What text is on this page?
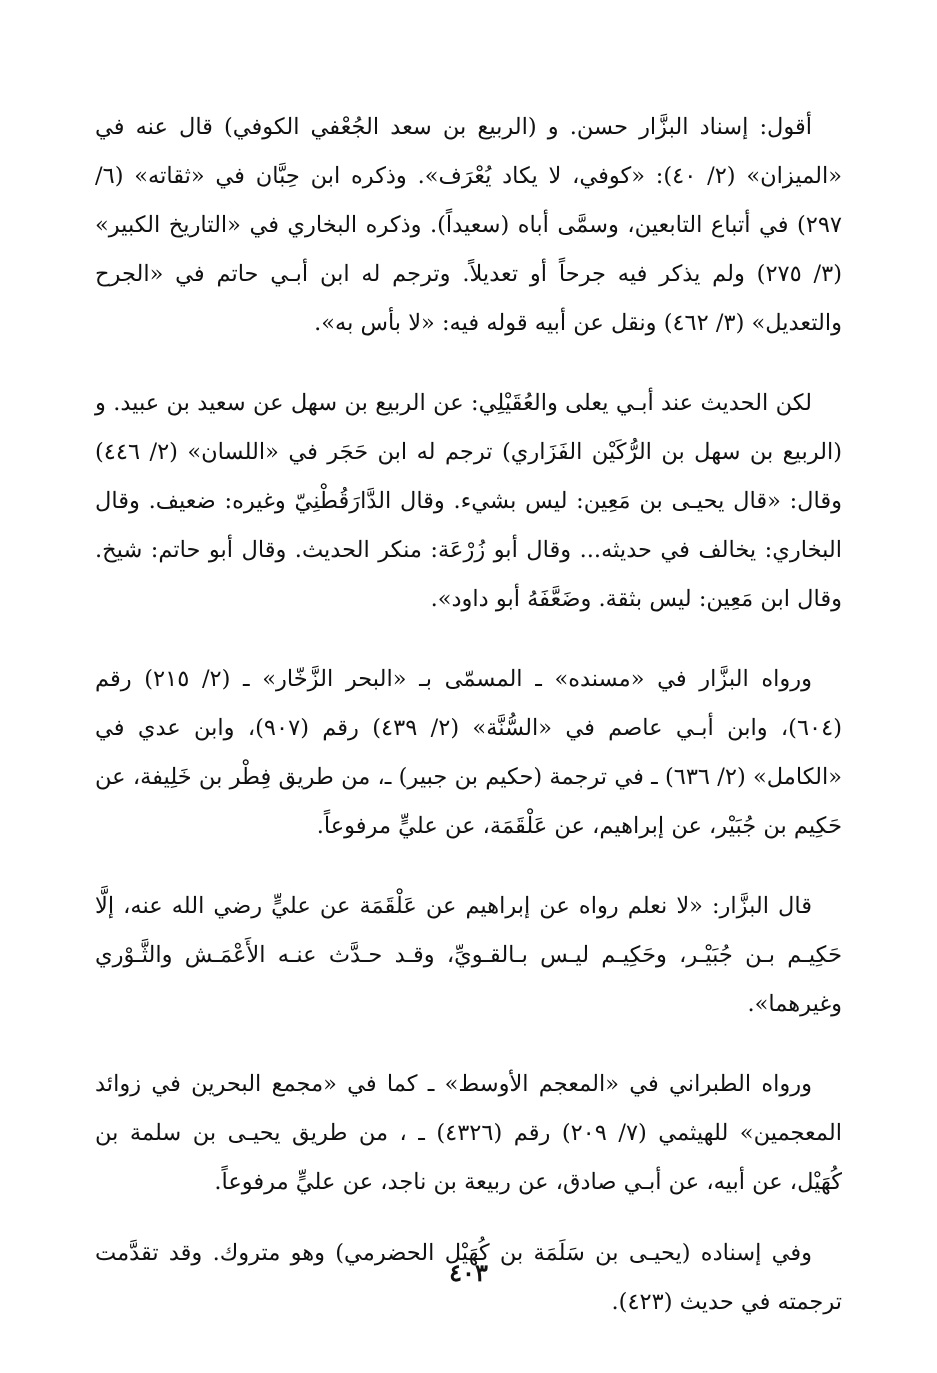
أقول: إسناد البزَّار حسن. و (الربيع بن سعد الجُعْفي الكوفي) قال عنه في «الميزان» (٢/ ٤٠): «كوفي، لا يكاد يُعْرَف». وذكره ابن حِبَّان في «ثقاته» (٦/ ٢٩٧) في أتباع التابعين، وسمَّى أباه (سعيداً). وذكره البخاري في «التاريخ الكبير» (٣/ ٢٧٥) ولم يذكر فيه جرحاً أو تعديلاً. وترجم له ابن أبـي حاتم في «الجرح والتعديل» (٣/ ٤٦٢) ونقل عن أبيه قوله فيه: «لا بأس به».

لكن الحديث عند أبـي يعلى والعُقَيْلِي: عن الربيع بن سهل عن سعيد بن عبيد. و (الربيع بن سهل بن الرُّكَيْن الفَزَاري) ترجم له ابن حَجَر في «اللسان» (٢/ ٤٤٦) وقال: «قال يحيـى بن مَعِين: ليس بشيء. وقال الدَّارَقُطْنِيّ وغيره: ضعيف. وقال البخاري: يخالف في حديثه... وقال أبو زُرْعَة: منكر الحديث. وقال أبو حاتم: شيخ. وقال ابن مَعِين: ليس بثقة. وضَعَّفَهُ أبو داود».

ورواه البزَّار في «مسنده» ـ المسمّى بـ «البحر الزَّخّار» ـ (٢/ ٢١٥) رقم (٦٠٤)، وابن أبـي عاصم في «السُّنَّة» (٢/ ٤٣٩) رقم (٩٠٧)، وابن عدي في «الكامل» (٢/ ٦٣٦) ـ في ترجمة (حكيم بن جبير) ـ، من طريق فِطْر بن خَلِيفة، عن حَكِيم بن جُبَيْر، عن إبراهيم، عن عَلْقَمَة، عن عليٍّ مرفوعاً.

قال البزَّار: «لا نعلم رواه عن إبراهيم عن عَلْقَمَة عن عليٍّ رضي الله عنه، إلَّا حَكِيـم بـن جُبَيْـر، وحَكِيـم ليـس بـالقـويِّ، وقـد حـدَّث عنـه الأَعْمَـش والثَّـوْري وغيرهما».

ورواه الطبراني في «المعجم الأوسط» ـ كما في «مجمع البحرين في زوائد المعجمين» للهيثمي (٧/ ٢٠٩) رقم (٤٣٢٦) ـ ، من طريق يحيـى بن سلمة بن كُهَيْل، عن أبيه، عن أبـي صادق، عن ربيعة بن ناجد، عن عليٍّ مرفوعاً.

وفي إسناده (يحيـى بن سَلَمَة بن كُهَيْل الحضرمي) وهو متروك. وقد تقدَّمت ترجمته في حديث (٤٢٣).

٤٠٣
